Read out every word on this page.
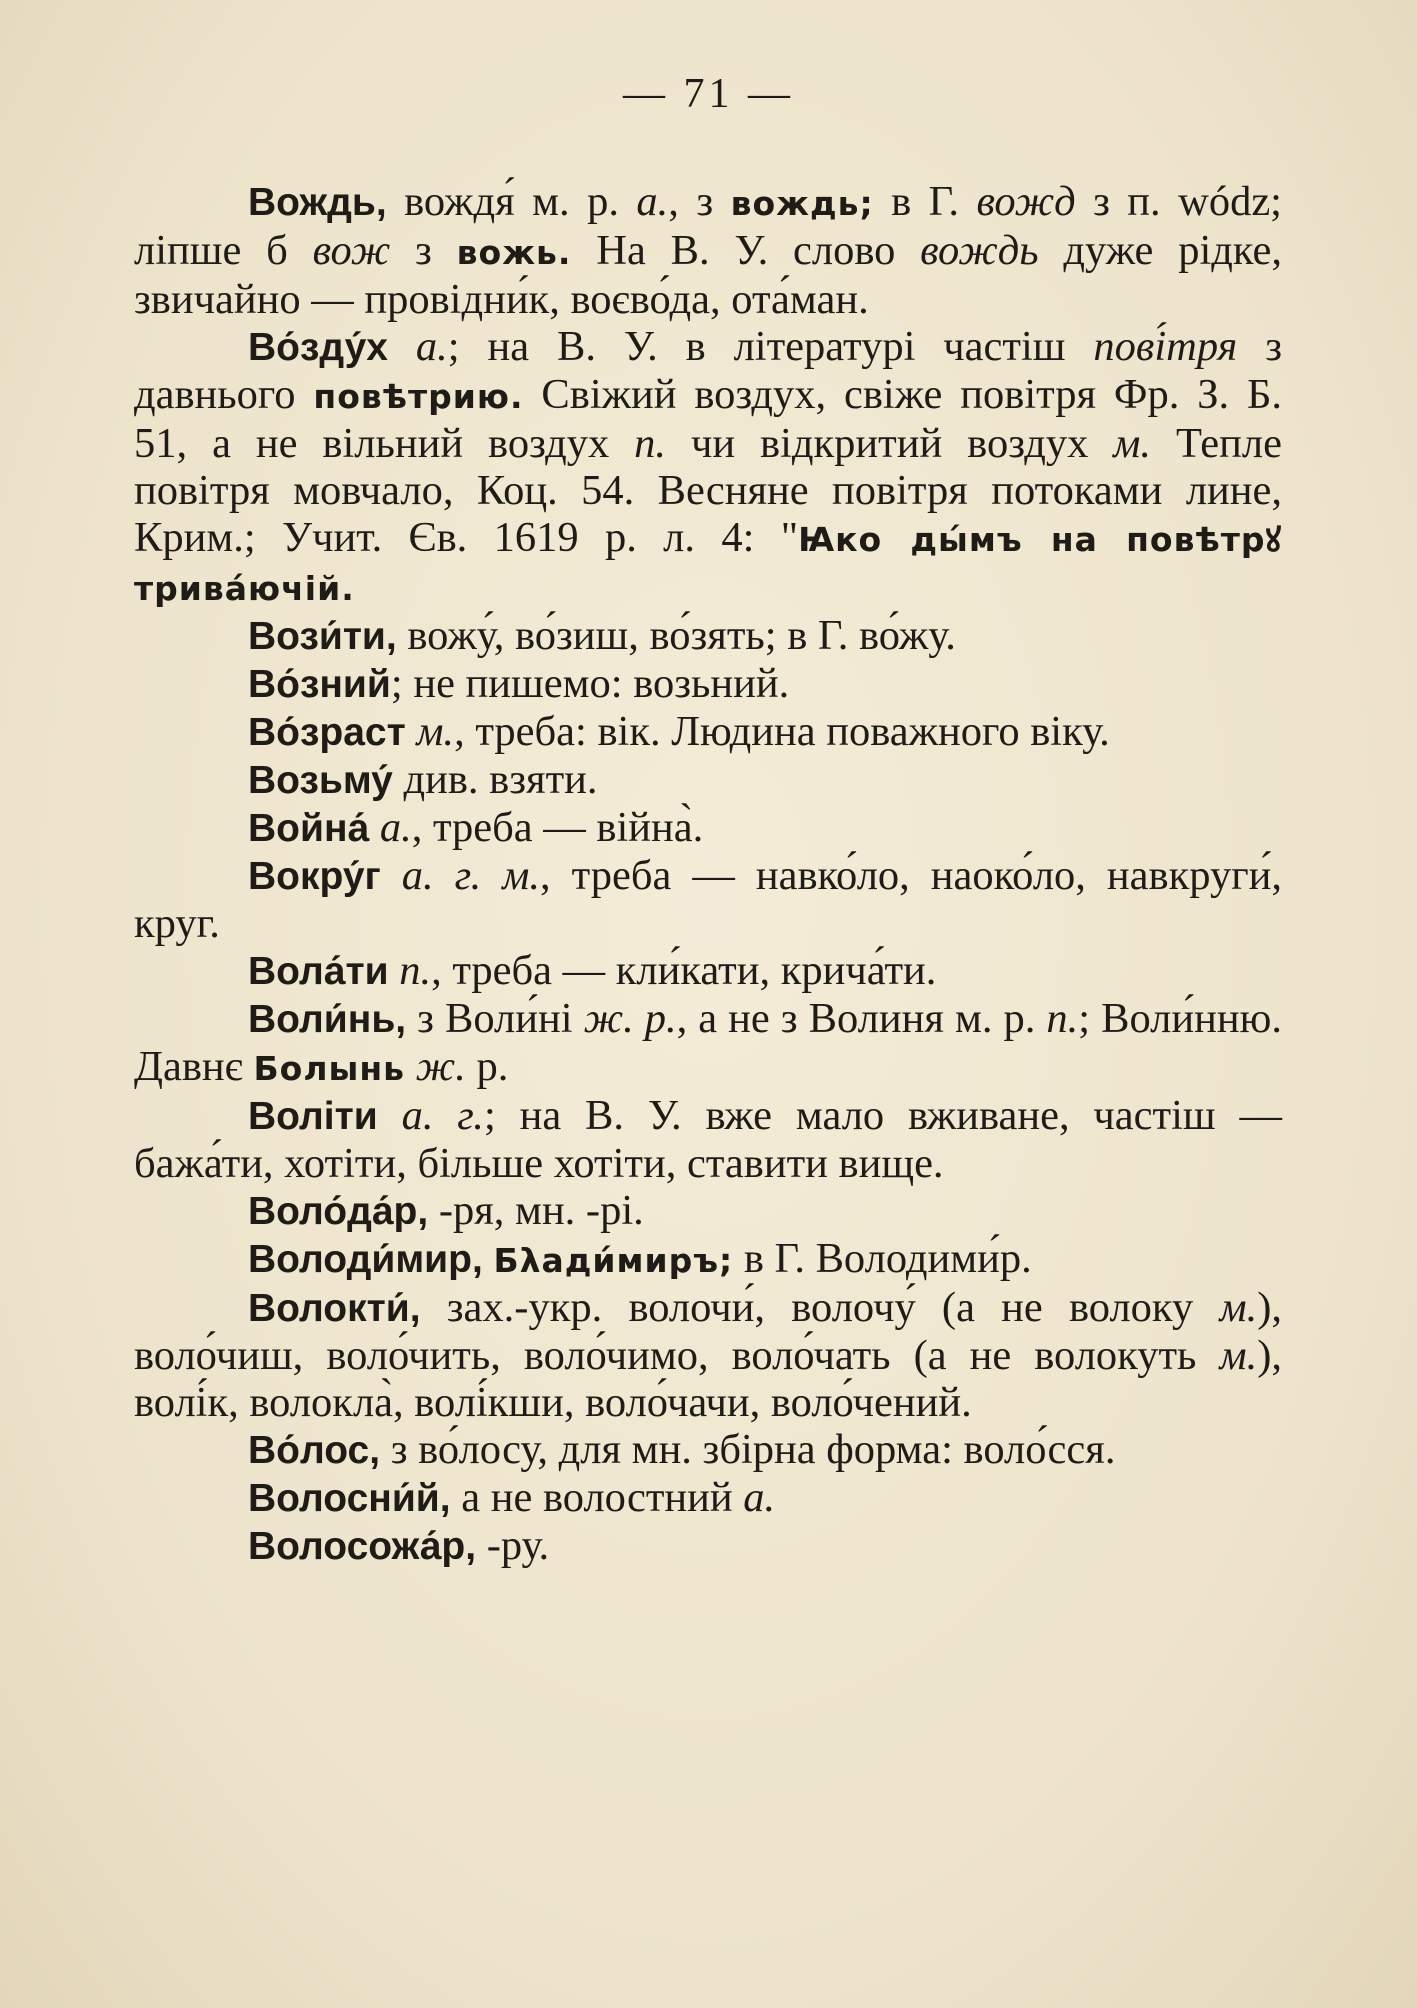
— 71 —

Вождь, вождя́ м. р. а., з вождь; в Г. вожд з п. wódz; ліпше б вож з вожь. На В. У. слово вождь дуже рідке, звичайно — провідни́к, воєво́да, ота́ман.

Во́зду́х а.; на В. У. в літературі частіш пові́тря з давнього повѣтрию. Свіжий воздух, свіже повітря Фр. З. Б. 51, а не вільний воздух п. чи відкритий воздух м. Тепле повітря мовчало, Коц. 54. Весняне повітря потоками лине, Крим.; Учит. Єв. 1619 р. л. 4: "Ꙗко ды́мъ на повѣтрꙋ трива́ючій.

Вози́ти, вожу́, во́зиш, во́зять; в Г. во́жу.

Во́зний; не пишемо: возьний.

Во́зраст м., треба: вік. Людина поважного віку.

Возьму́ див. взяти.

Война́ а., треба — війна̀.

Вокру́г а. г. м., треба — навко́ло, наоко́ло, навкруги́, круг.

Вола́ти п., треба — кли́кати, крича́ти.

Воли́нь, з Воли́ні ж. р., а не з Волиня м. р. п.; Воли́нню. Давнє Болынь ж. р.

Воліти а. г.; на В. У. вже мало вживане, частіш — бажа́ти, хотіти, більше хотіти, ставити вище.

Воло́да́р, -ря, мн. -рі.

Володи́мир, Бλади́миръ; в Г. Володими́р.

Волокти́, зах.-укр. волочи́, волочу́ (а не волоку м.), воло́чиш, воло́чить, воло́чимо, воло́чать (а не волокуть м.), волі́к, волокла̀, волі́кши, воло́чачи, воло́чений.

Во́лос, з во́лосу, для мн. збірна форма: воло́сся.

Волосни́й, а не волостний а.

Волосожа́р, -ру.
